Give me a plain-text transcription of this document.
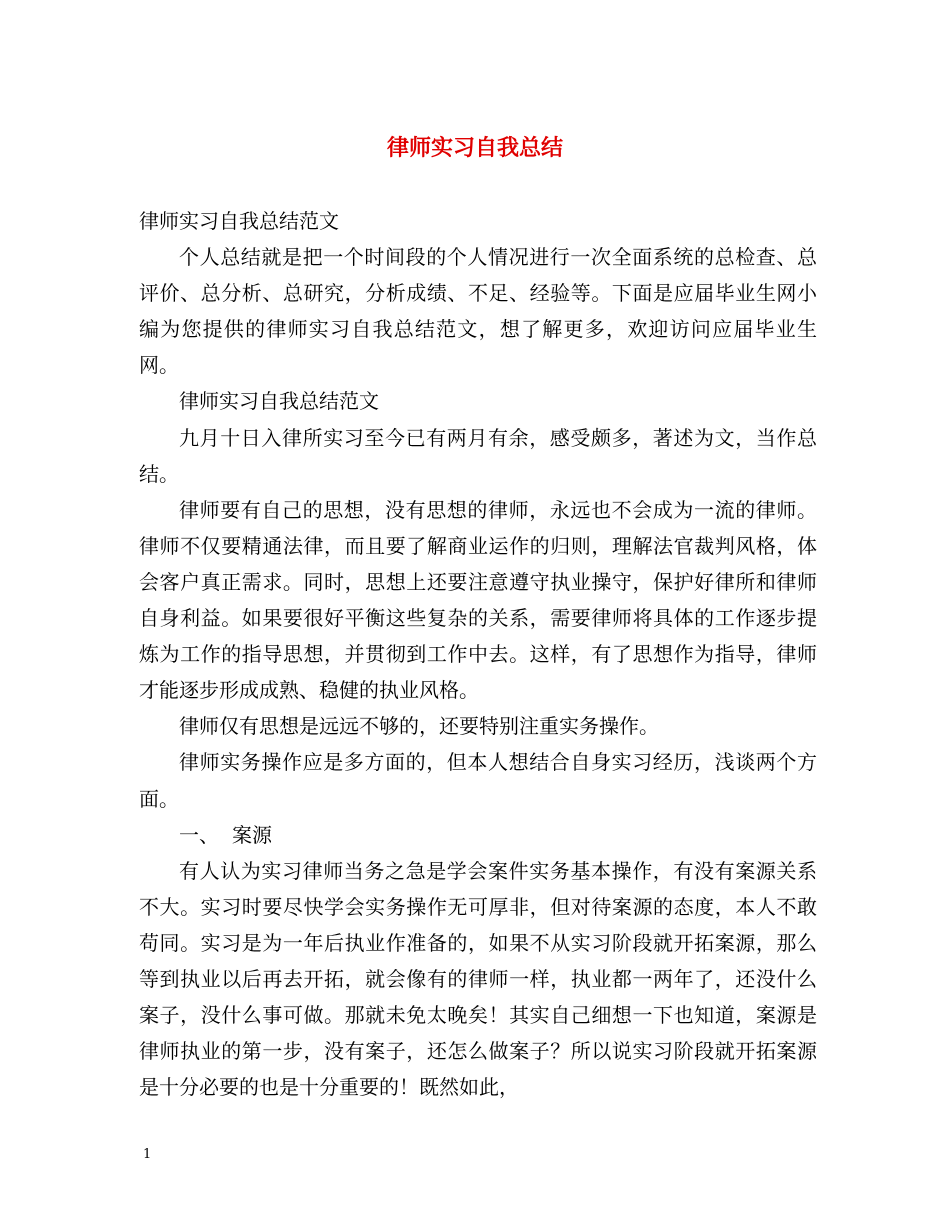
律师实习自我总结

律师实习自我总结范文

个人总结就是把一个时间段的个人情况进行一次全面系统的总检查、总评价、总分析、总研究，分析成绩、不足、经验等。下面是应届毕业生网小编为您提供的律师实习自我总结范文，想了解更多，欢迎访问应届毕业生网。

律师实习自我总结范文

九月十日入律所实习至今已有两月有余，感受颇多，著述为文，当作总结。

律师要有自己的思想，没有思想的律师，永远也不会成为一流的律师。律师不仅要精通法律，而且要了解商业运作的归则，理解法官裁判风格，体会客户真正需求。同时，思想上还要注意遵守执业操守，保护好律所和律师自身利益。如果要很好平衡这些复杂的关系，需要律师将具体的工作逐步提炼为工作的指导思想，并贯彻到工作中去。这样，有了思想作为指导，律师才能逐步形成成熟、稳健的执业风格。

律师仅有思想是远远不够的，还要特别注重实务操作。

律师实务操作应是多方面的，但本人想结合自身实习经历，浅谈两个方面。

一、 案源

有人认为实习律师当务之急是学会案件实务基本操作，有没有案源关系不大。实习时要尽快学会实务操作无可厚非，但对待案源的态度，本人不敢苟同。实习是为一年后执业作准备的，如果不从实习阶段就开拓案源，那么等到执业以后再去开拓，就会像有的律师一样，执业都一两年了，还没什么案子，没什么事可做。那就未免太晚矣！其实自己细想一下也知道，案源是律师执业的第一步，没有案子，还怎么做案子？所以说实习阶段就开拓案源是十分必要的也是十分重要的！既然如此，

1
